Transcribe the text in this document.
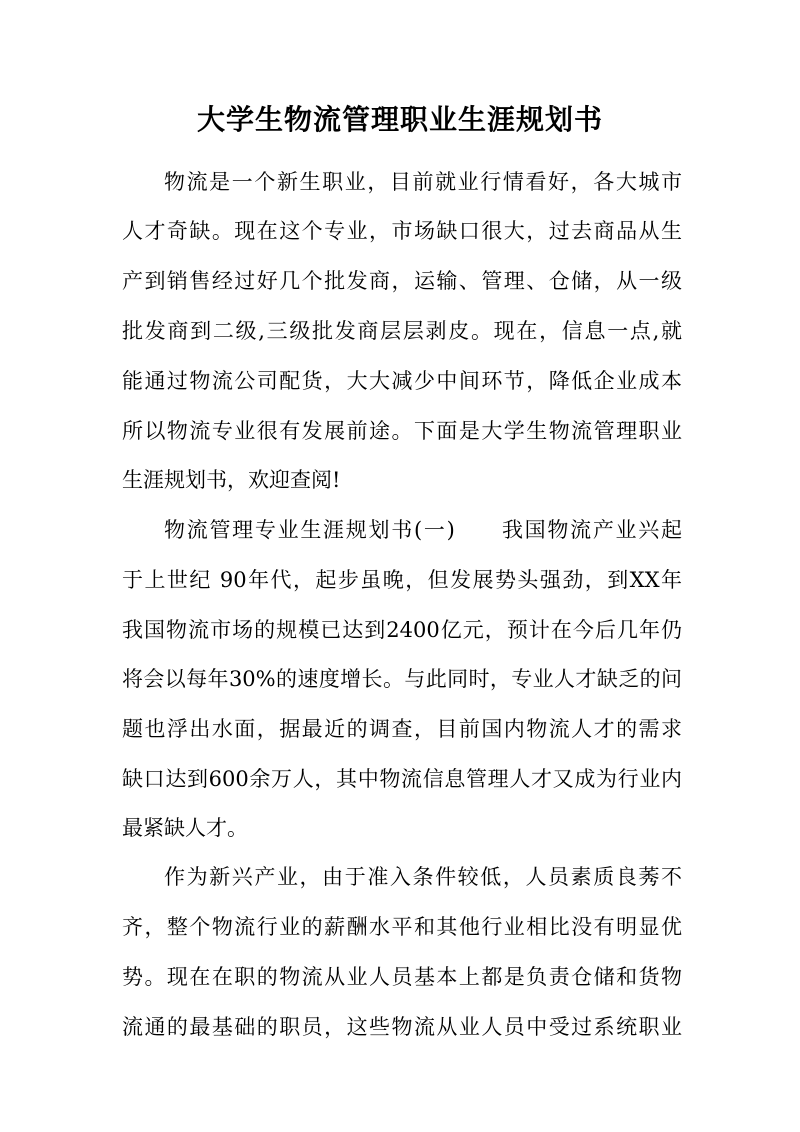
大学生物流管理职业生涯规划书
物流是一个新生职业，目前就业行情看好，各大城市
人才奇缺。现在这个专业，市场缺口很大，过去商品从生
产到销售经过好几个批发商，运输、管理、仓储，从一级
批发商到二级,三级批发商层层剥皮。现在，信息一点,就
能通过物流公司配货，大大减少中间环节，降低企业成本
所以物流专业很有发展前途。下面是大学生物流管理职业
生涯规划书，欢迎查阅!
物流管理专业生涯规划书(一)　　我国物流产业兴起
于上世纪 90年代，起步虽晚，但发展势头强劲，到XX年
我国物流市场的规模已达到2400亿元，预计在今后几年仍
将会以每年30%的速度增长。与此同时，专业人才缺乏的问
题也浮出水面，据最近的调查，目前国内物流人才的需求
缺口达到600余万人，其中物流信息管理人才又成为行业内
最紧缺人才。
作为新兴产业，由于准入条件较低，人员素质良莠不
齐，整个物流行业的薪酬水平和其他行业相比没有明显优
势。现在在职的物流从业人员基本上都是负责仓储和货物
流通的最基础的职员，这些物流从业人员中受过系统职业
